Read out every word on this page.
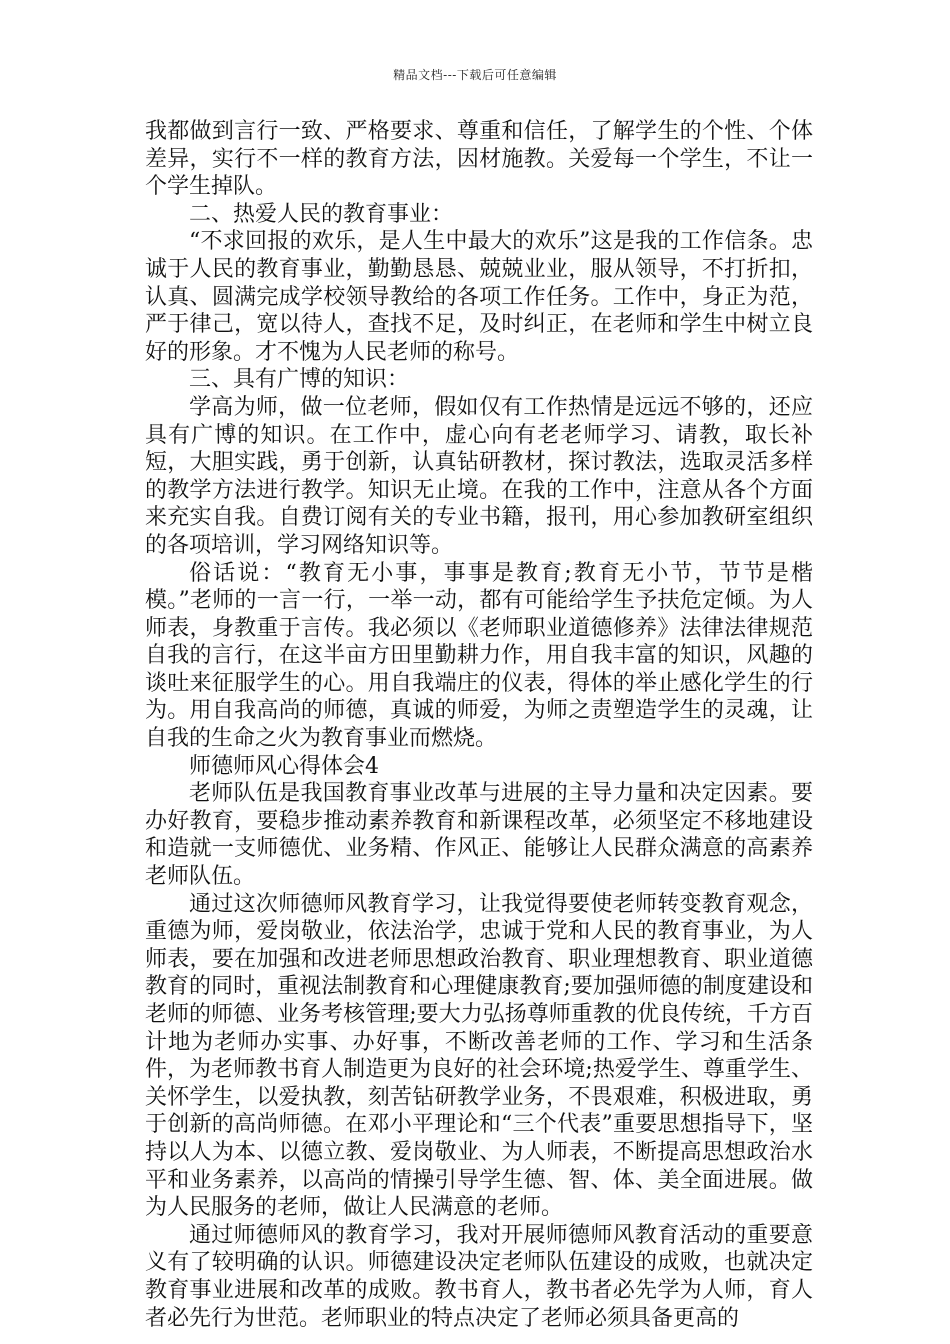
精品文档---下载后可任意编辑

我都做到言行一致、严格要求、尊重和信任，了解学生的个性、个体差异，实行不一样的教育方法，因材施教。关爱每一个学生，不让一个学生掉队。

二、热爱人民的教育事业：

“不求回报的欢乐，是人生中最大的欢乐”这是我的工作信条。忠诚于人民的教育事业，勤勤恳恳、兢兢业业，服从领导，不打折扣，认真、圆满完成学校领导教给的各项工作任务。工作中，身正为范，严于律己，宽以待人，查找不足，及时纠正，在老师和学生中树立良好的形象。才不愧为人民老师的称号。

三、具有广博的知识：

学高为师，做一位老师，假如仅有工作热情是远远不够的，还应具有广博的知识。在工作中，虚心向有老老师学习、请教，取长补短，大胆实践，勇于创新，认真钻研教材，探讨教法，选取灵活多样的教学方法进行教学。知识无止境。在我的工作中，注意从各个方面来充实自我。自费订阅有关的专业书籍，报刊，用心参加教研室组织的各项培训，学习网络知识等。

俗话说：“教育无小事，事事是教育;教育无小节，节节是楷模。”老师的一言一行，一举一动，都有可能给学生予扶危定倾。为人师表，身教重于言传。我必须以《老师职业道德修养》法律法律规范自我的言行，在这半亩方田里勤耕力作，用自我丰富的知识，风趣的谈吐来征服学生的心。用自我端庄的仪表，得体的举止感化学生的行为。用自我高尚的师德，真诚的师爱，为师之责塑造学生的灵魂，让自我的生命之火为教育事业而燃烧。

师德师风心得体会4

老师队伍是我国教育事业改革与进展的主导力量和决定因素。要办好教育，要稳步推动素养教育和新课程改革，必须坚定不移地建设和造就一支师德优、业务精、作风正、能够让人民群众满意的高素养老师队伍。

通过这次师德师风教育学习，让我觉得要使老师转变教育观念，重德为师，爱岗敬业，依法治学，忠诚于党和人民的教育事业，为人师表，要在加强和改进老师思想政治教育、职业理想教育、职业道德教育的同时，重视法制教育和心理健康教育;要加强师德的制度建设和老师的师德、业务考核管理;要大力弘扬尊师重教的优良传统，千方百计地为老师办实事、办好事，不断改善老师的工作、学习和生活条件，为老师教书育人制造更为良好的社会环境;热爱学生、尊重学生、关怀学生，以爱执教，刻苦钻研教学业务，不畏艰难，积极进取，勇于创新的高尚师德。在邓小平理论和“三个代表”重要思想指导下，坚持以人为本、以德立教、爱岗敬业、为人师表，不断提高思想政治水平和业务素养，以高尚的情操引导学生德、智、体、美全面进展。做为人民服务的老师，做让人民满意的老师。

通过师德师风的教育学习，我对开展师德师风教育活动的重要意义有了较明确的认识。师德建设决定老师队伍建设的成败，也就决定教育事业进展和改革的成败。教书育人，教书者必先学为人师，育人者必先行为世范。老师职业的特点决定了老师必须具备更高的
